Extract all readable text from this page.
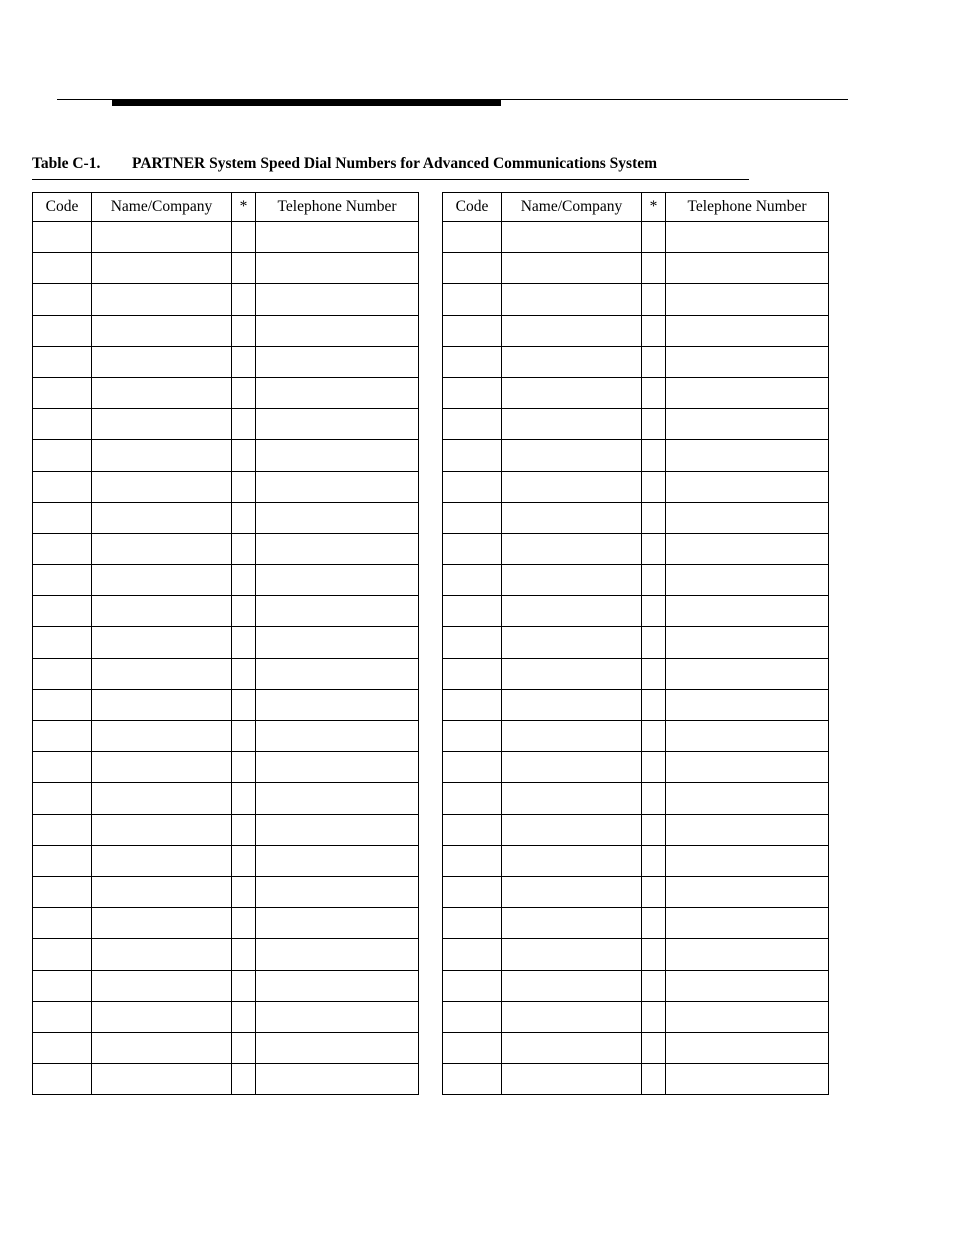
Table C-1. PARTNER System Speed Dial Numbers for Advanced Communications System
Code	Name/Company	*	Telephone Number

				Code	Name/Company	*	Telephone Number
